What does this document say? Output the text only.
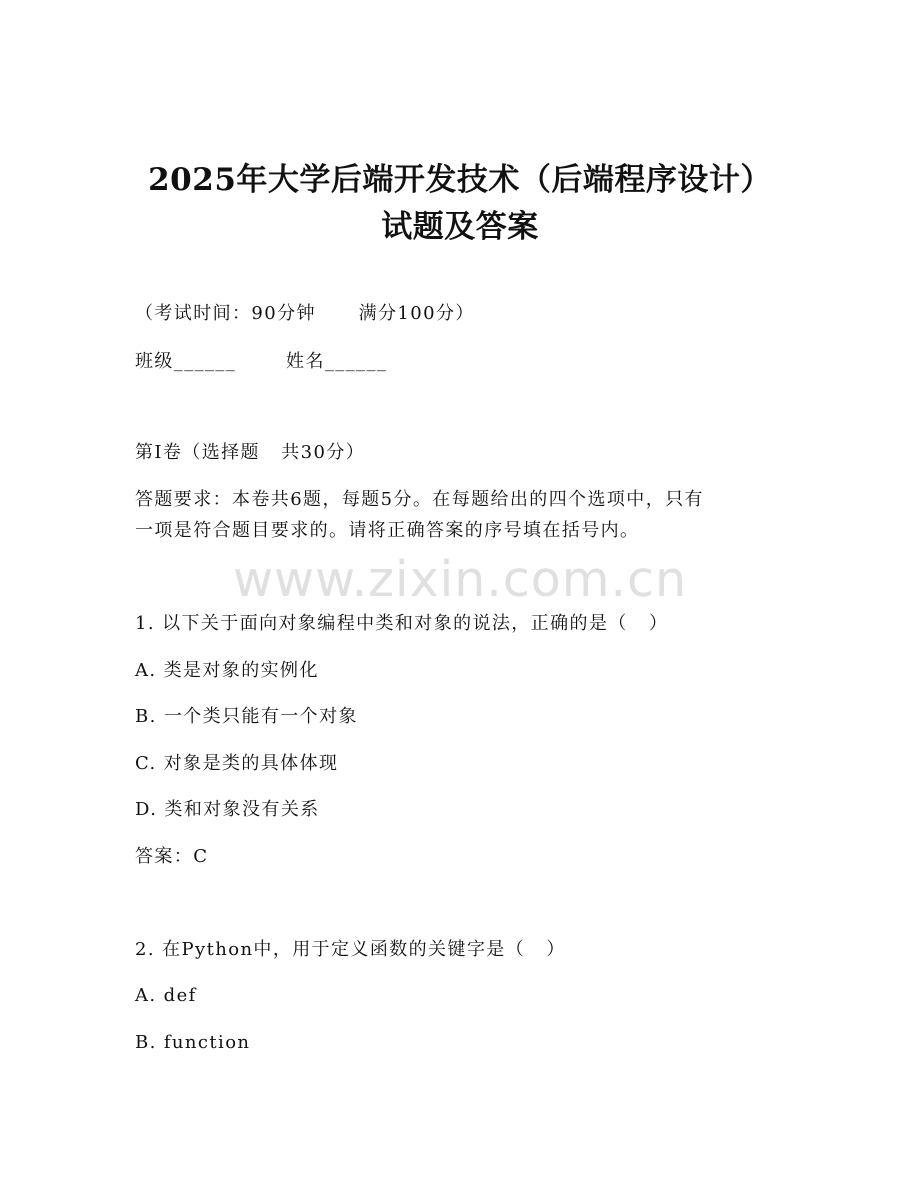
2025年大学后端开发技术（后端程序设计）
试题及答案
（考试时间：90分钟      满分100分）
班级______       姓名______
第I卷（选择题   共30分）
答题要求：本卷共6题，每题5分。在每题给出的四个选项中，只有
一项是符合题目要求的。请将正确答案的序号填在括号内。
www.zixin.com.cn
1. 以下关于面向对象编程中类和对象的说法，正确的是（   ）
A. 类是对象的实例化
B. 一个类只能有一个对象
C. 对象是类的具体体现
D. 类和对象没有关系
答案：C
2. 在Python中，用于定义函数的关键字是（   ）
A. def
B. function
